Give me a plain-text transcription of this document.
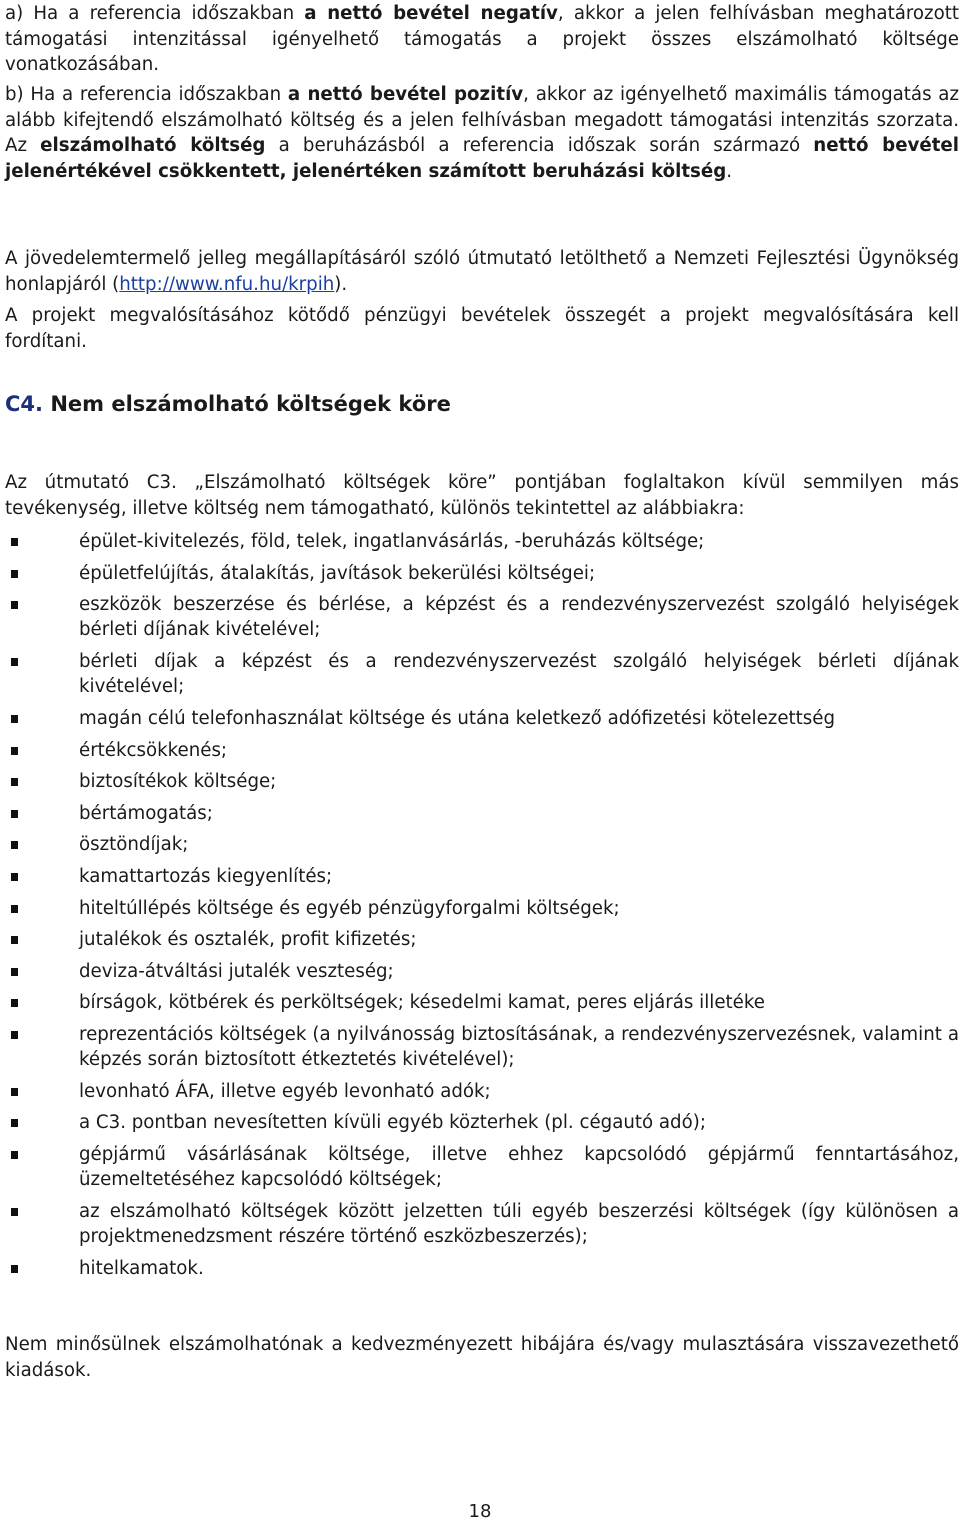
a) Ha a referencia időszakban a nettó bevétel negatív, akkor a jelen felhívásban meghatározott támogatási intenzitással igényelhető támogatás a projekt összes elszámolható költsége vonatkozásában.

b) Ha a referencia időszakban a nettó bevétel pozitív, akkor az igényelhető maximális támogatás az alább kifejtendő elszámolható költség és a jelen felhívásban megadott támogatási intenzitás szorzata. Az elszámolható költség a beruházásból a referencia időszak során származó nettó bevétel jelenértékével csökkentett, jelenértéken számított beruházási költség.

A jövedelemtermelő jelleg megállapításáról szóló útmutató letölthető a Nemzeti Fejlesztési Ügynökség honlapjáról (http://www.nfu.hu/krpih).

A projekt megvalósításához kötődő pénzügyi bevételek összegét a projekt megvalósítására kell fordítani.

C4. Nem elszámolható költségek köre

Az útmutató C3. „Elszámolható költségek köre” pontjában foglaltakon kívül semmilyen más tevékenység, illetve költség nem támogatható, különös tekintettel az alábbiakra:

épület-kivitelezés, föld, telek, ingatlanvásárlás, -beruházás költsége;
épületfelújítás, átalakítás, javítások bekerülési költségei;
eszközök beszerzése és bérlése, a képzést és a rendezvényszervezést szolgáló helyiségek bérleti díjának kivételével;
bérleti díjak a képzést és a rendezvényszervezést szolgáló helyiségek bérleti díjának kivételével;
magán célú telefonhasználat költsége és utána keletkező adófizetési kötelezettség
értékcsökkenés;
biztosítékok költsége;
bértámogatás;
ösztöndíjak;
kamattartozás kiegyenlítés;
hiteltúllépés költsége és egyéb pénzügyforgalmi költségek;
jutalékok és osztalék, profit kifizetés;
deviza-átváltási jutalék veszteség;
bírságok, kötbérek és perköltségek; késedelmi kamat, peres eljárás illetéke
reprezentációs költségek (a nyilvánosság biztosításának, a rendezvényszervezésnek, valamint a képzés során biztosított étkeztetés kivételével);
levonható ÁFA, illetve egyéb levonható adók;
a C3. pontban nevesítetten kívüli egyéb közterhek (pl. cégautó adó);
gépjármű vásárlásának költsége, illetve ehhez kapcsolódó gépjármű fenntartásához, üzemeltetéséhez kapcsolódó költségek;
az elszámolható költségek között jelzetten túli egyéb beszerzési költségek (így különösen a projektmenedzsment részére történő eszközbeszerzés);
hitelkamatok.

Nem minősülnek elszámolhatónak a kedvezményezett hibájára és/vagy mulasztására visszavezethető kiadások.

18
